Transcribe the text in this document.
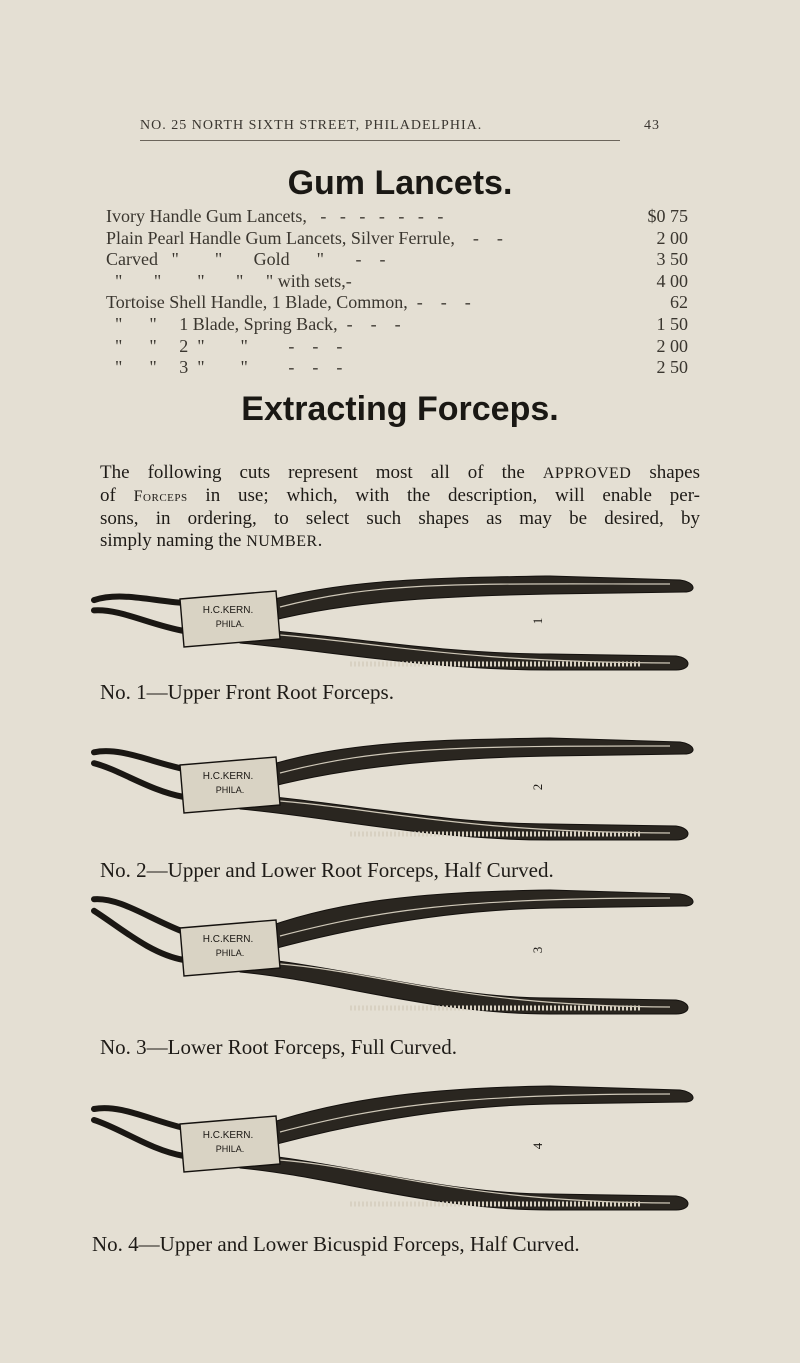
NO. 25 NORTH SIXTH STREET, PHILADELPHIA.	43
Gum Lancets.
Ivory Handle Gum Lancets,   -   -   -   -   -   -   -	$0 75
Plain Pearl Handle Gum Lancets, Silver Ferrule,    -    -	2 00
Carved   "        "       Gold      "       -    -	3 50
"       "        "       "     " with sets,-	4 00
Tortoise Shell Handle, 1 Blade, Common,  -    -    -	62
"      "     1 Blade, Spring Back,  -    -    -	1 50
"      "     2  "        "         -    -    -	2 00
"      "     3  "        "         -    -    -	2 50
Extracting Forceps.
The following cuts represent most all of the APPROVED shapes
of Forceps in use; which, with the description, will enable per-
sons, in ordering, to select such shapes as may be desired, by
simply naming the NUMBER.
H.C.KERN.
PHILA.	1
No. 1—Upper Front Root Forceps.
H.C.KERN.
PHILA.	2
No. 2—Upper and Lower Root Forceps, Half Curved.
H.C.KERN.
PHILA.	3
No. 3—Lower Root Forceps, Full Curved.
H.C.KERN.
PHILA.	4
No. 4—Upper and Lower Bicuspid Forceps, Half Curved.
